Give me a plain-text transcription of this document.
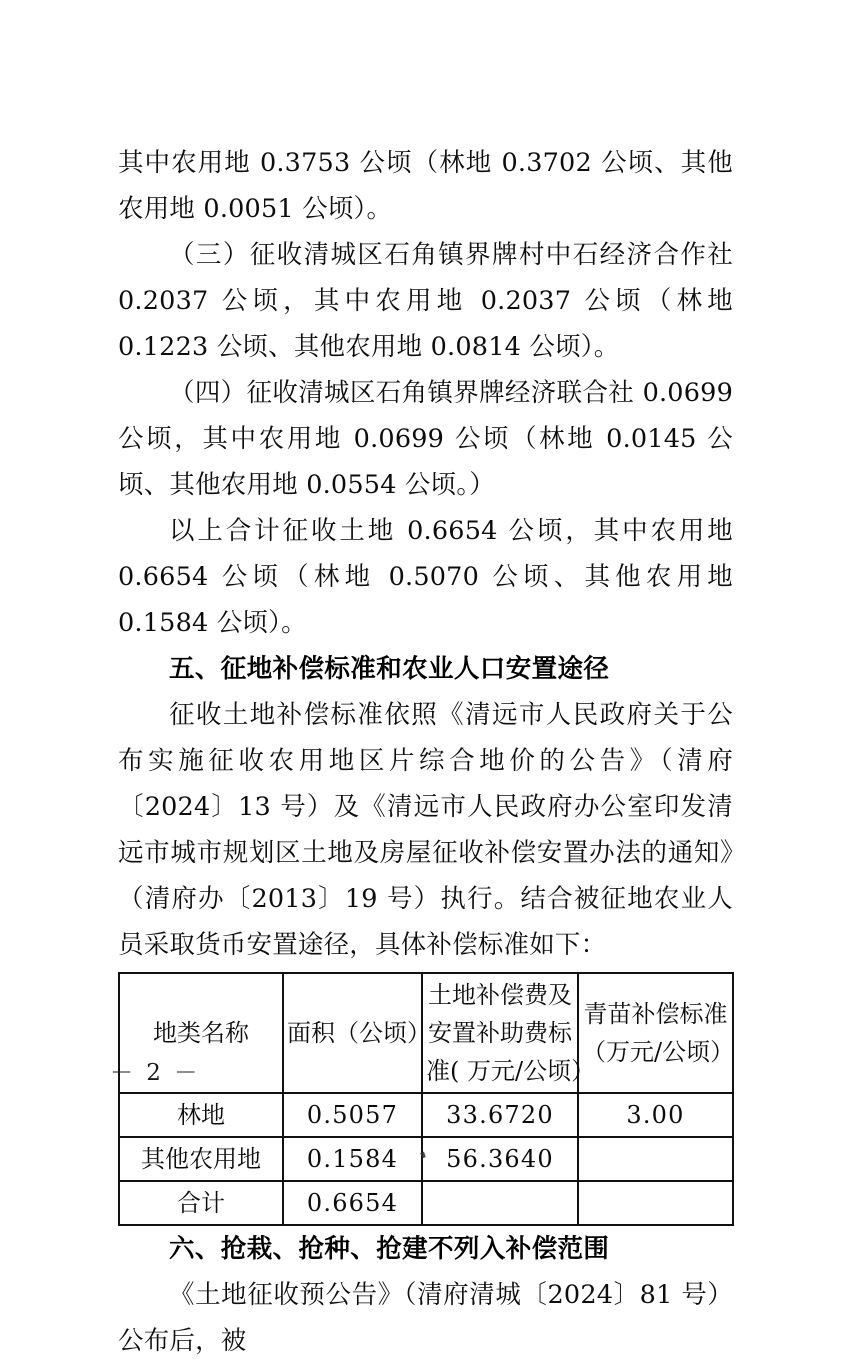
其中农用地 0.3753 公顷（林地 0.3702 公顷、其他农用地 0.0051 公顷）。

（三）征收清城区石角镇界牌村中石经济合作社 0.2037 公顷，其中农用地 0.2037 公顷（林地 0.1223 公顷、其他农用地 0.0814 公顷）。

（四）征收清城区石角镇界牌经济联合社 0.0699 公顷，其中农用地 0.0699 公顷（林地 0.0145 公顷、其他农用地 0.0554 公顷。）

以上合计征收土地 0.6654 公顷，其中农用地 0.6654 公顷（林地 0.5070 公顷、其他农用地 0.1584 公顷）。

五、征地补偿标准和农业人口安置途径

征收土地补偿标准依照《清远市人民政府关于公布实施征收农用地区片综合地价的公告》（清府〔2024〕13 号）及《清远市人民政府办公室印发清远市城市规划区土地及房屋征收补偿安置办法的通知》（清府办〔2013〕19 号）执行。结合被征地农业人员采取货币安置途径，具体补偿标准如下：

地类名称	面积（公顷）	土地补偿费及
安置补助费标
准( 万元/公顷）	青苗补偿标准
（万元/公顷）

林地	0.5057	33.6720	3.00
其他农用地	0.1584	56.3640	
合计	0.6654		
六、抢栽、抢种、抢建不列入补偿范围

《土地征收预公告》（清府清城〔2024〕81 号）公布后，被

－ 2 －
